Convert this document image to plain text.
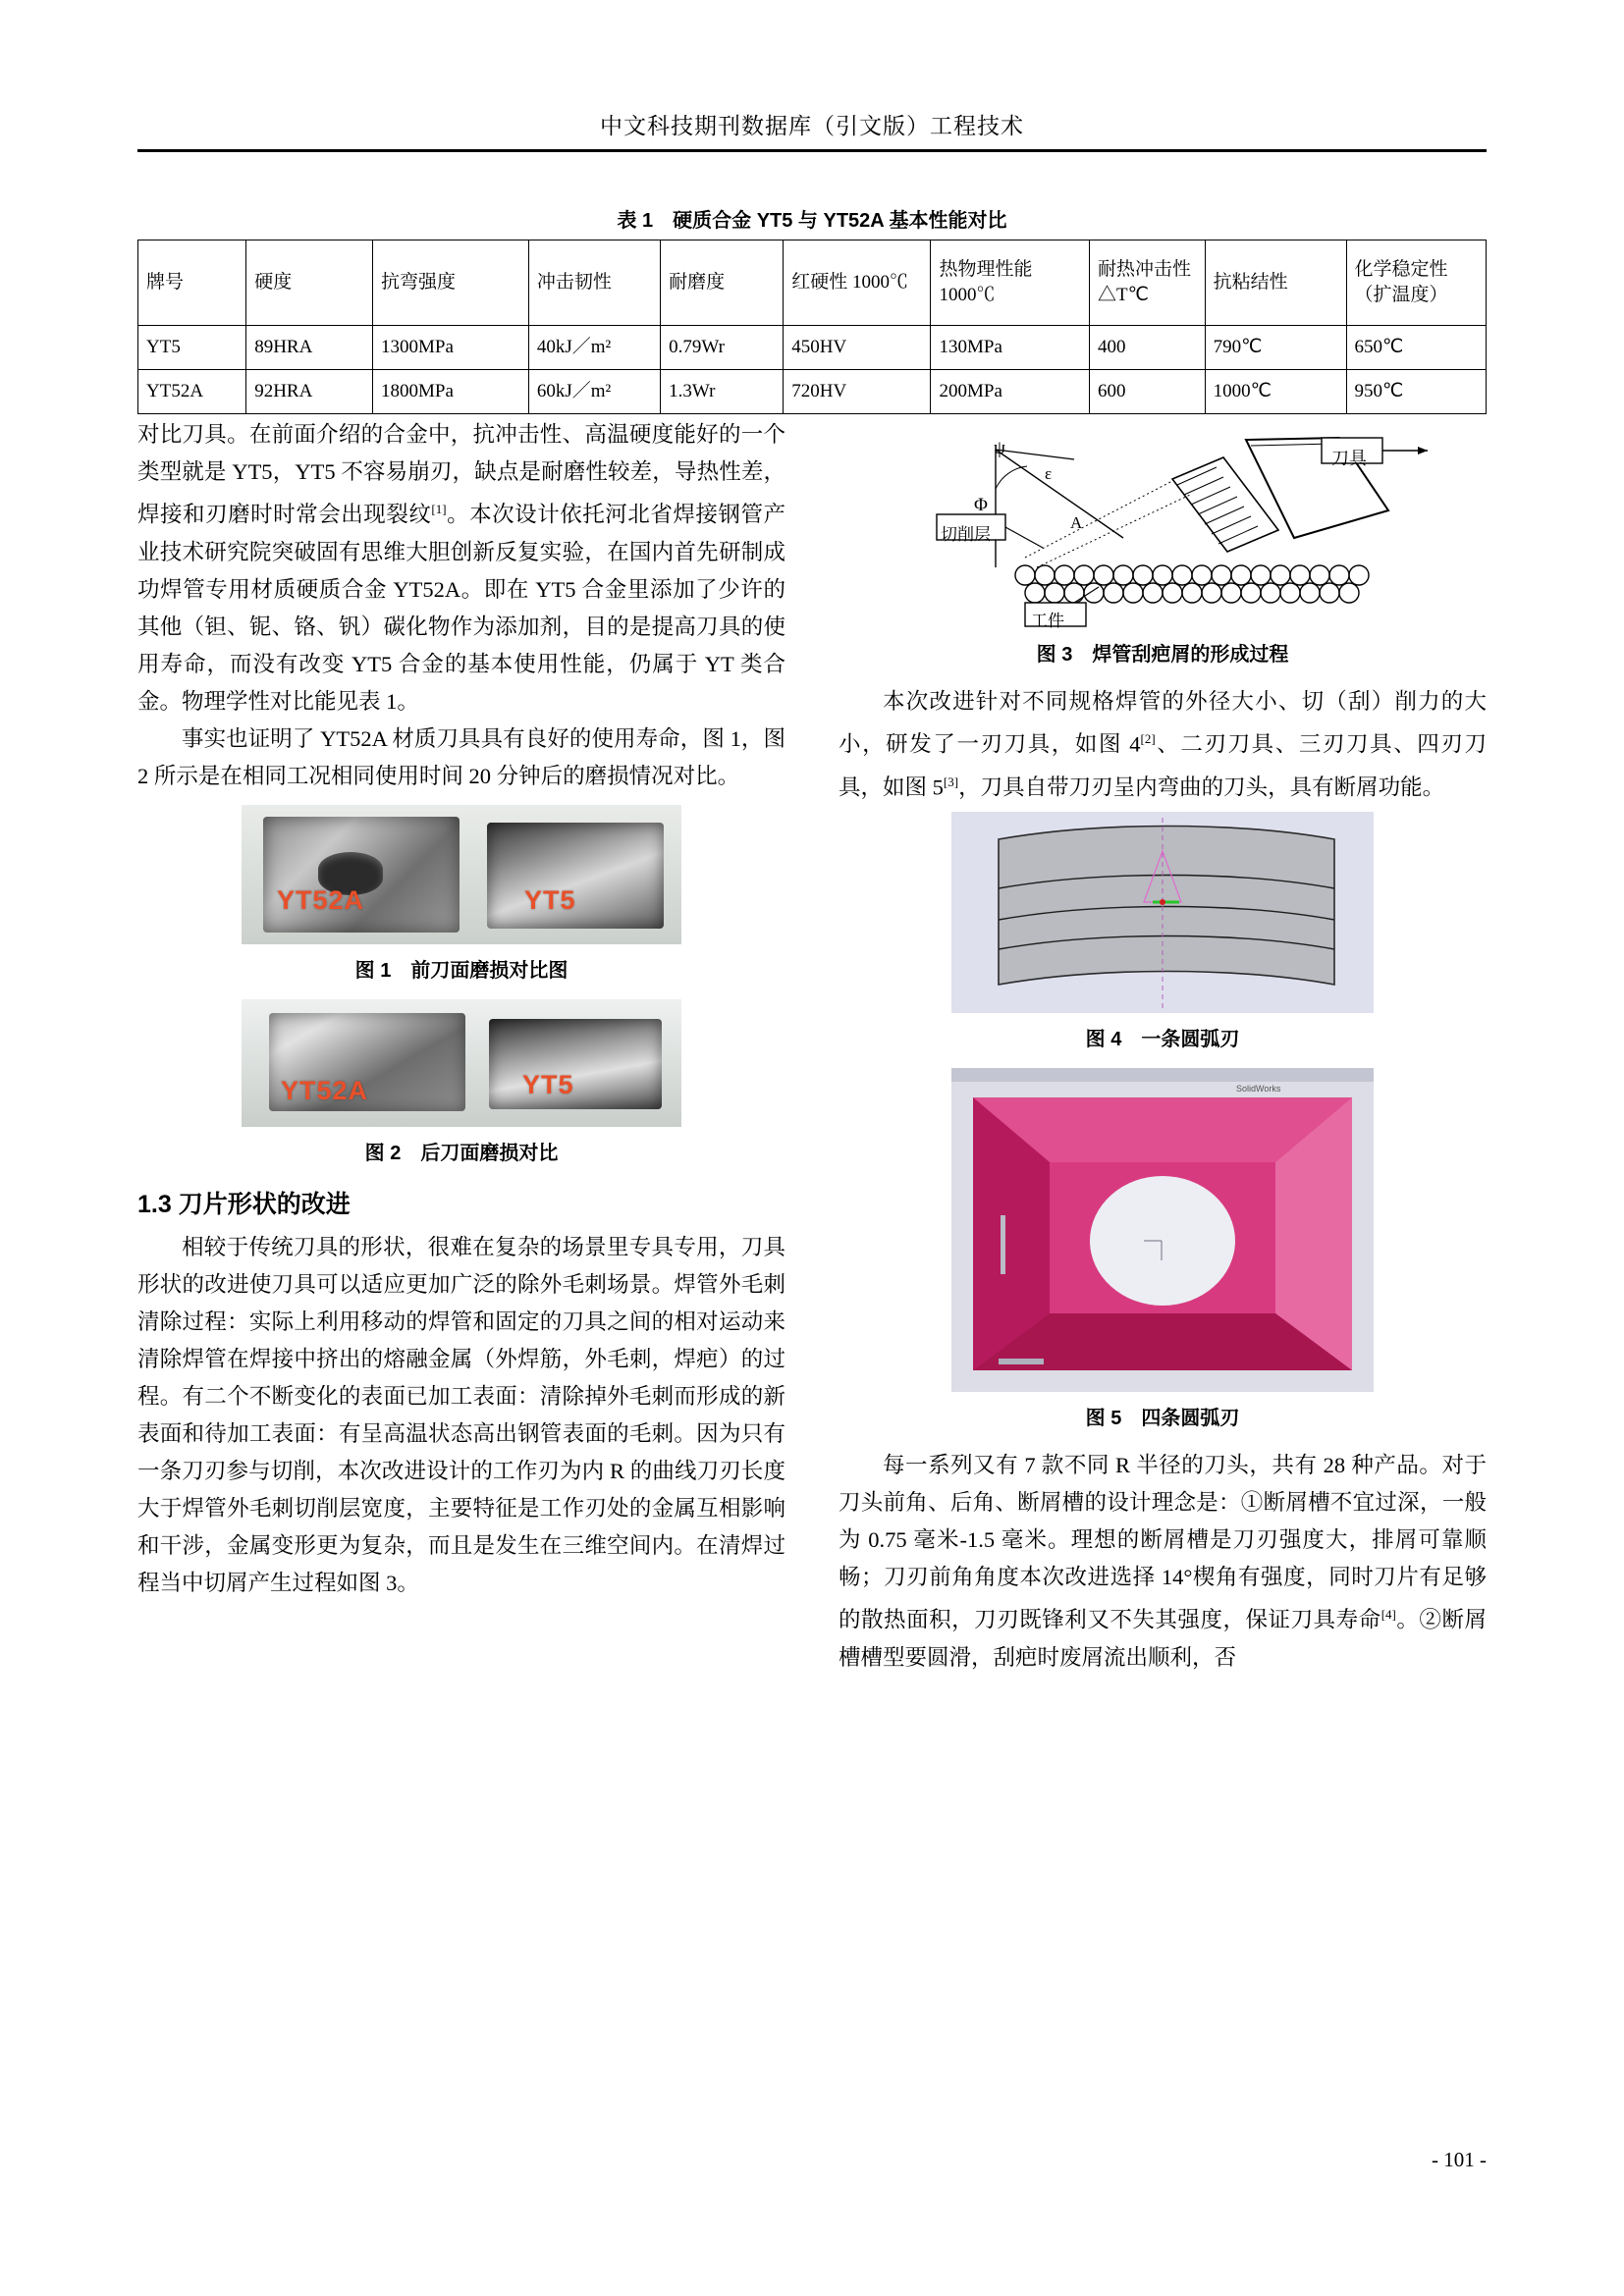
中文科技期刊数据库（引文版）工程技术
表 1　硬质合金 YT5 与 YT52A 基本性能对比
牌号	硬度	抗弯强度	冲击韧性	耐磨度	红硬性 1000℃	热物理性能 1000℃	耐热冲击性 △T℃	抗粘结性	化学稳定性（扩温度）
YT5	89HRA	1300MPa	40kJ／m²	0.79Wr	450HV	130MPa	400	790℃	650℃
YT52A	92HRA	1800MPa	60kJ／m²	1.3Wr	720HV	200MPa	600	1000℃	950℃

对比刀具。在前面介绍的合金中，抗冲击性、高温硬度能好的一个类型就是 YT5，YT5 不容易崩刃，缺点是耐磨性较差，导热性差，焊接和刃磨时时常会出现裂纹[1]。本次设计依托河北省焊接钢管产业技术研究院突破固有思维大胆创新反复实验，在国内首先研制成功焊管专用材质硬质合金 YT52A。即在 YT5 合金里添加了少许的其他（钽、铌、铬、钒）碳化物作为添加剂，目的是提高刀具的使用寿命，而没有改变 YT5 合金的基本使用性能，仍属于 YT 类合金。物理学性对比能见表 1。

事实也证明了 YT52A 材质刀具具有良好的使用寿命，图 1，图 2 所示是在相同工况相同使用时间 20 分钟后的磨损情况对比。

YT52A	YT5
图 1　前刀面磨损对比图
YT52A	YT5
图 2　后刀面磨损对比
1.3 刀片形状的改进

相较于传统刀具的形状，很难在复杂的场景里专具专用，刀具形状的改进使刀具可以适应更加广泛的除外毛刺场景。焊管外毛刺清除过程：实际上利用移动的焊管和固定的刀具之间的相对运动来清除焊管在焊接中挤出的熔融金属（外焊筋，外毛刺，焊疤）的过程。有二个不断变化的表面已加工表面：清除掉外毛刺而形成的新表面和待加工表面：有呈高温状态高出钢管表面的毛刺。因为只有一条刀刃参与切削，本次改进设计的工作刃为内 R 的曲线刀刃长度大于焊管外毛刺切削层宽度，主要特征是工作刃处的金属互相影响和干涉，金属变形更为复杂，而且是发生在三维空间内。在清焊过程当中切屑产生过程如图 3。

ψ
Φ
ε
A
刀具
切削层
工件
图 3　焊管刮疤屑的形成过程

本次改进针对不同规格焊管的外径大小、切（刮）削力的大小，研发了一刃刀具，如图 4[2]、二刃刀具、三刃刀具、四刃刀具，如图 5[3]，刀具自带刀刃呈内弯曲的刀头，具有断屑功能。

图 4　一条圆弧刃
SolidWorks
图 5　四条圆弧刃

每一系列又有 7 款不同 R 半径的刀头，共有 28 种产品。对于刀头前角、后角、断屑槽的设计理念是：①断屑槽不宜过深，一般为 0.75 毫米-1.5 毫米。理想的断屑槽是刀刃强度大，排屑可靠顺畅；刀刃前角角度本次改进选择 14°楔角有强度，同时刀片有足够的散热面积，刀刃既锋利又不失其强度，保证刀具寿命[4]。②断屑槽槽型要圆滑，刮疤时废屑流出顺利，否

- 101 -
